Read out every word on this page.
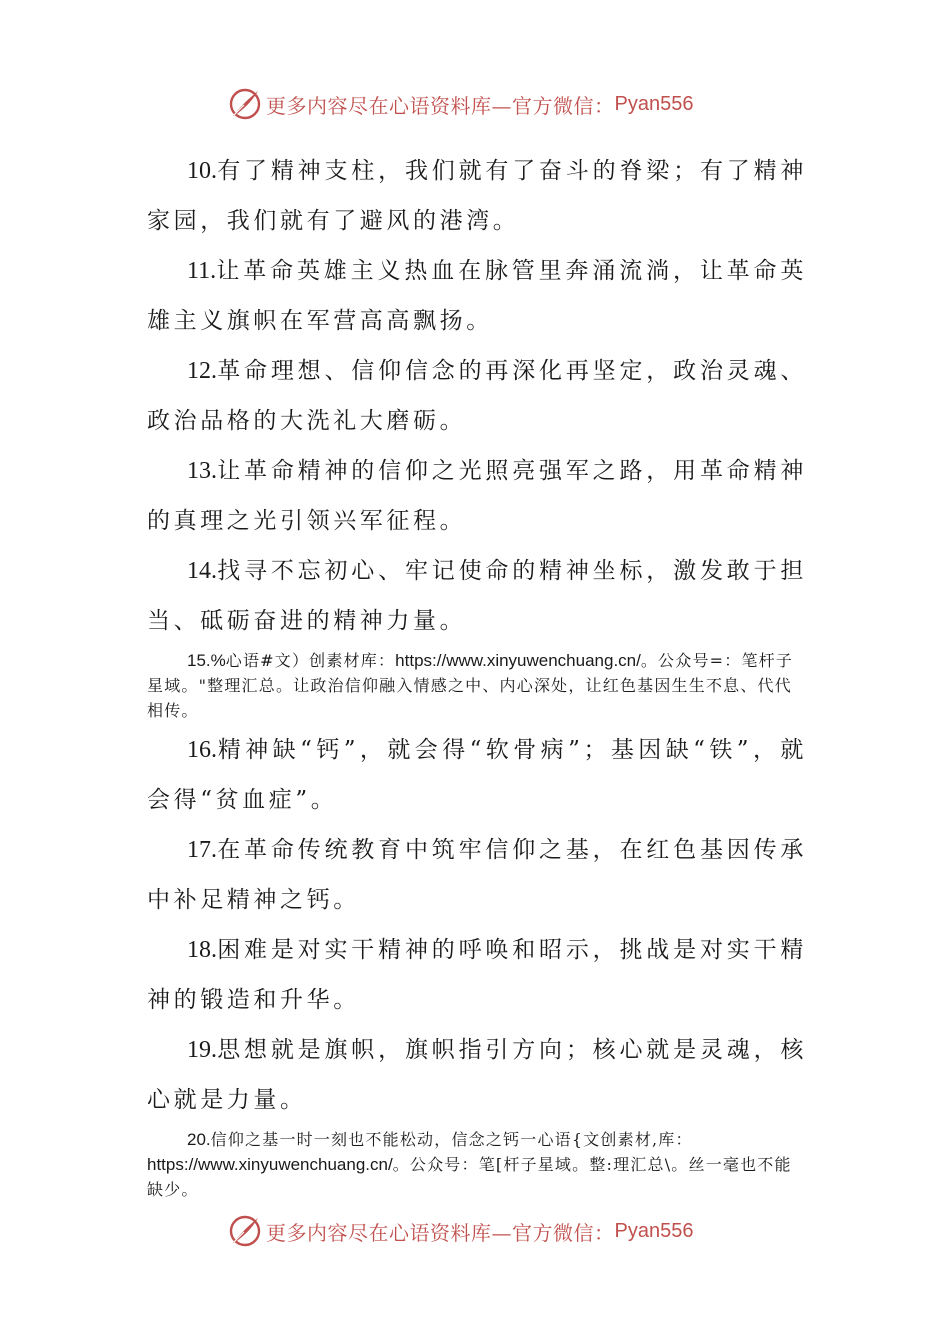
更多内容尽在心语资料库—官方微信： Pyan556

10.有了精神支柱，我们就有了奋斗的脊梁；有了精神家园，我们就有了避风的港湾。

11.让革命英雄主义热血在脉管里奔涌流淌，让革命英雄主义旗帜在军营高高飘扬。

12.革命理想、信仰信念的再深化再坚定，政治灵魂、政治品格的大洗礼大磨砺。

13.让革命精神的信仰之光照亮强军之路，用革命精神的真理之光引领兴军征程。

14.找寻不忘初心、牢记使命的精神坐标，激发敢于担当、砥砺奋进的精神力量。

15.%心语#文）创素材库：https://www.xinyuwenchuang.cn/。公众号=：笔杆子星域。"整理汇总。让政治信仰融入情感之中、内心深处，让红色基因生生不息、代代相传。

16.精神缺“钙”，就会得“软骨病”；基因缺“铁”，就会得“贫血症”。

17.在革命传统教育中筑牢信仰之基，在红色基因传承中补足精神之钙。

18.困难是对实干精神的呼唤和昭示，挑战是对实干精神的锻造和升华。

19.思想就是旗帜，旗帜指引方向；核心就是灵魂，核心就是力量。

20.信仰之基一时一刻也不能松动，信念之钙一心语{文创素材,库：https://www.xinyuwenchuang.cn/。公众号：笔[杆子星域。整:理汇总\。丝一毫也不能缺少。

更多内容尽在心语资料库—官方微信： Pyan556
